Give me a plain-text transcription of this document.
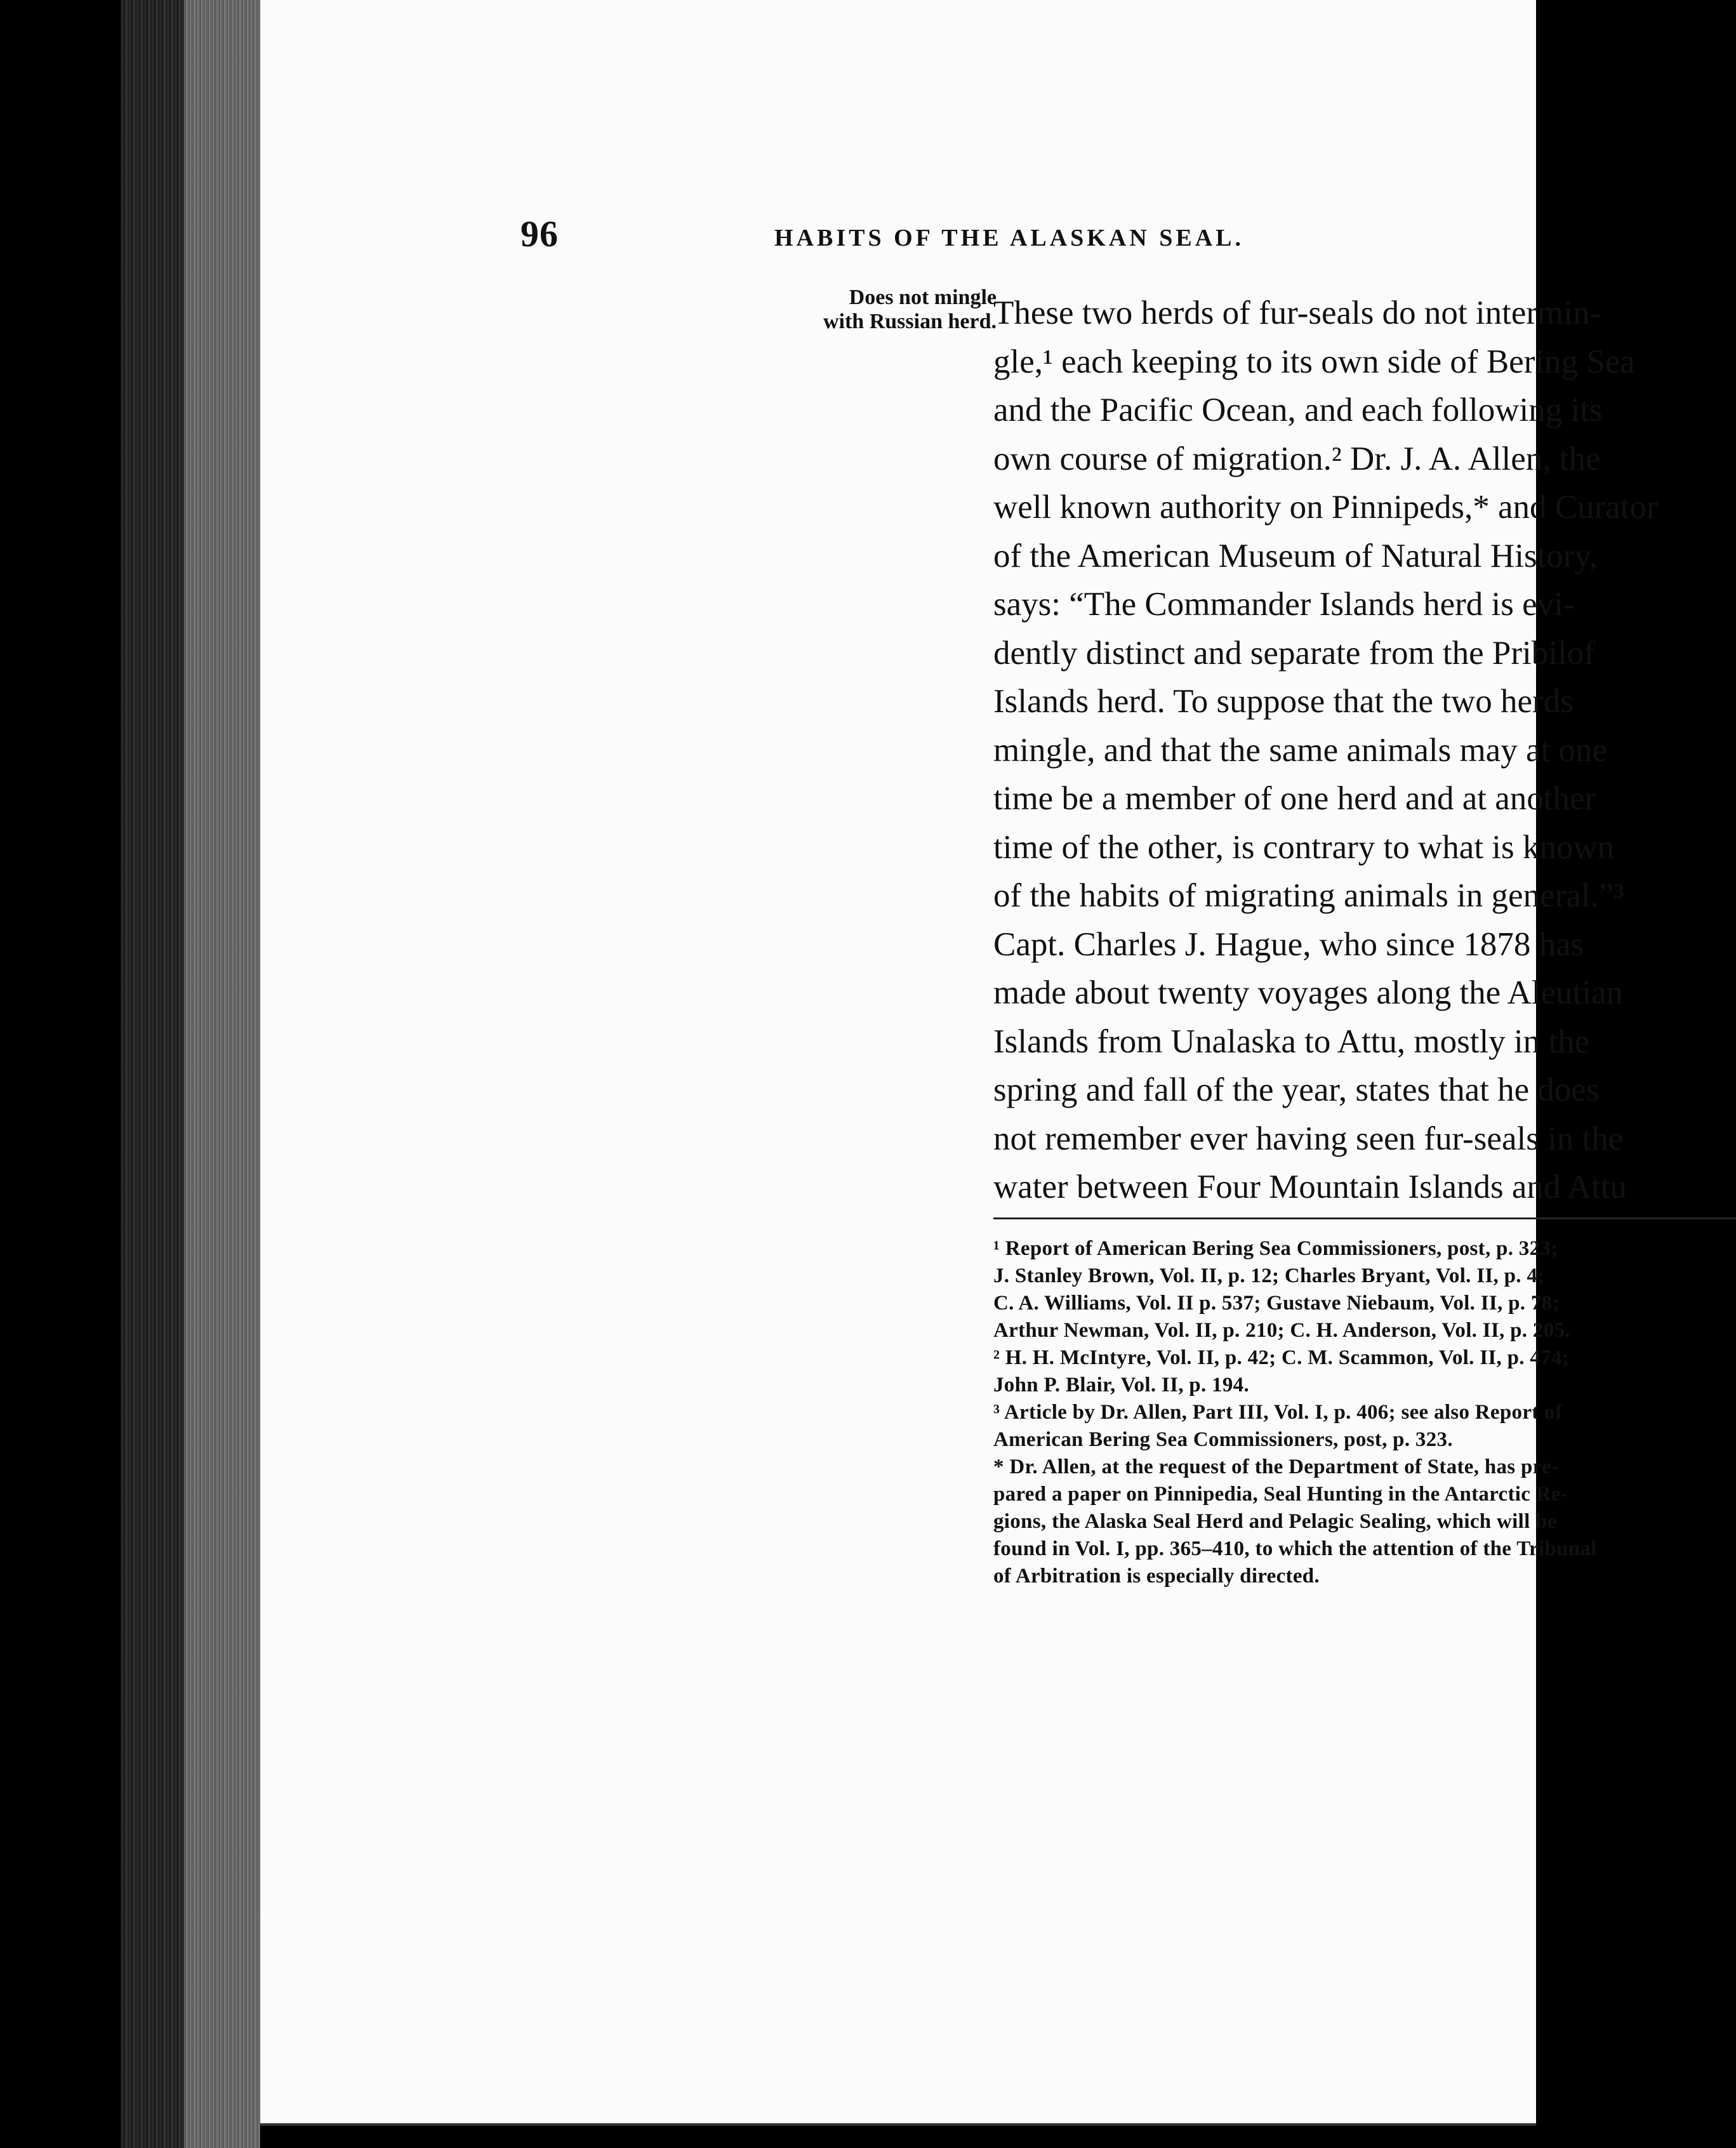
96	HABITS OF THE ALASKAN SEAL.
Does not mingle
with Russian herd.
These two herds of fur-seals do not intermin-
gle,¹ each keeping to its own side of Bering Sea
and the Pacific Ocean, and each following its
own course of migration.² Dr. J. A. Allen, the
well known authority on Pinnipeds,* and Curator
of the American Museum of Natural History,
says: “The Commander Islands herd is evi-
dently distinct and separate from the Pribilof
Islands herd. To suppose that the two herds
mingle, and that the same animals may at one
time be a member of one herd and at another
time of the other, is contrary to what is known
of the habits of migrating animals in general.”³
Capt. Charles J. Hague, who since 1878 has
made about twenty voyages along the Aleutian
Islands from Unalaska to Attu, mostly in the
spring and fall of the year, states that he does
not remember ever having seen fur-seals in the
water between Four Mountain Islands and Attu
¹ Report of American Bering Sea Commissioners, post, p. 323;
J. Stanley Brown, Vol. II, p. 12; Charles Bryant, Vol. II, p. 4;
C. A. Williams, Vol. II p. 537; Gustave Niebaum, Vol. II, p. 78;
Arthur Newman, Vol. II, p. 210; C. H. Anderson, Vol. II, p. 205.
² H. H. McIntyre, Vol. II, p. 42; C. M. Scammon, Vol. II, p. 474;
John P. Blair, Vol. II, p. 194.
³ Article by Dr. Allen, Part III, Vol. I, p. 406; see also Report of
American Bering Sea Commissioners, post, p. 323.
* Dr. Allen, at the request of the Department of State, has pre-
pared a paper on Pinnipedia, Seal Hunting in the Antarctic Re-
gions, the Alaska Seal Herd and Pelagic Sealing, which will be
found in Vol. I, pp. 365–410, to which the attention of the Tribunal
of Arbitration is especially directed.
